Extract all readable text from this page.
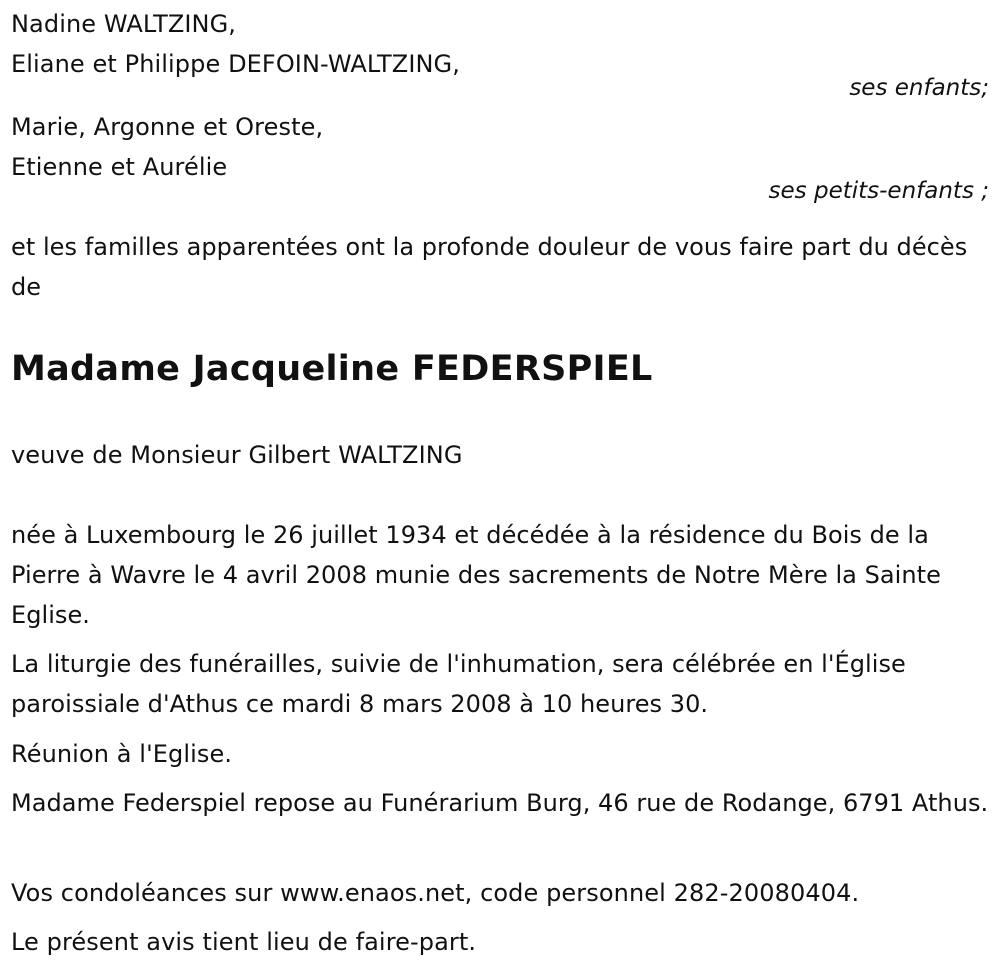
Nadine WALTZING,
Eliane et Philippe DEFOIN-WALTZING,
ses enfants;
Marie, Argonne et Oreste,
Etienne et Aurélie
ses petits-enfants ;
et les familles apparentées ont la profonde douleur de vous faire part du décès de
Madame Jacqueline FEDERSPIEL
veuve de Monsieur Gilbert WALTZING
née à Luxembourg le 26 juillet 1934 et décédée à la résidence du Bois de la Pierre à Wavre le 4 avril 2008 munie des sacrements de Notre Mère la Sainte Eglise.
La liturgie des funérailles, suivie de l'inhumation, sera célébrée en l'Église paroissiale d'Athus ce mardi 8 mars 2008 à 10 heures 30.
Réunion à l'Eglise.
Madame Federspiel repose au Funérarium Burg, 46 rue de Rodange, 6791 Athus.
Vos condoléances sur www.enaos.net, code personnel 282-20080404.
Le présent avis tient lieu de faire-part.
